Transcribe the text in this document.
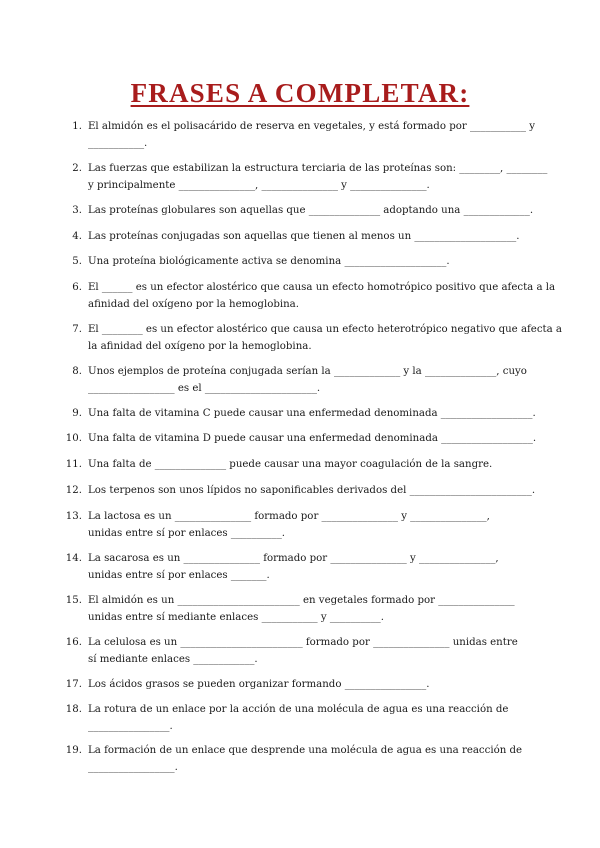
FRASES A COMPLETAR:
1. El almidón es el polisacárido de reserva en vegetales, y está formado por ___________ y
___________.
2. Las fuerzas que estabilizan la estructura terciaria de las proteínas son: ________, ________
y principalmente _______________, _______________ y _______________.
3. Las proteínas globulares son aquellas que ______________ adoptando una _____________.
4. Las proteínas conjugadas son aquellas que tienen al menos un ____________________.
5. Una proteína biológicamente activa se denomina ____________________.
6. El ______ es un efector alostérico que causa un efecto homotrópico positivo que afecta a la
afinidad del oxígeno por la hemoglobina.
7. El ________ es un efector alostérico que causa un efecto heterotrópico negativo que afecta a
la afinidad del oxígeno por la hemoglobina.
8. Unos ejemplos de proteína conjugada serían la _____________ y la ______________, cuyo
_________________ es el ______________________.
9. Una falta de vitamina C puede causar una enfermedad denominada __________________.
10. Una falta de vitamina D puede causar una enfermedad denominada __________________.
11. Una falta de ______________ puede causar una mayor coagulación de la sangre.
12. Los terpenos son unos lípidos no saponificables derivados del ________________________.
13. La lactosa es un _______________ formado por _______________ y _______________,
unidas entre sí por enlaces __________.
14. La sacarosa es un _______________ formado por _______________ y _______________,
unidas entre sí por enlaces _______.
15. El almidón es un ________________________ en vegetales formado por _______________
unidas entre sí mediante enlaces ___________ y __________.
16. La celulosa es un ________________________ formado por _______________ unidas entre
sí mediante enlaces ____________.
17. Los ácidos grasos se pueden organizar formando ________________.
18. La rotura de un enlace por la acción de una molécula de agua es una reacción de
________________.
19. La formación de un enlace que desprende una molécula de agua es una reacción de
_________________.
